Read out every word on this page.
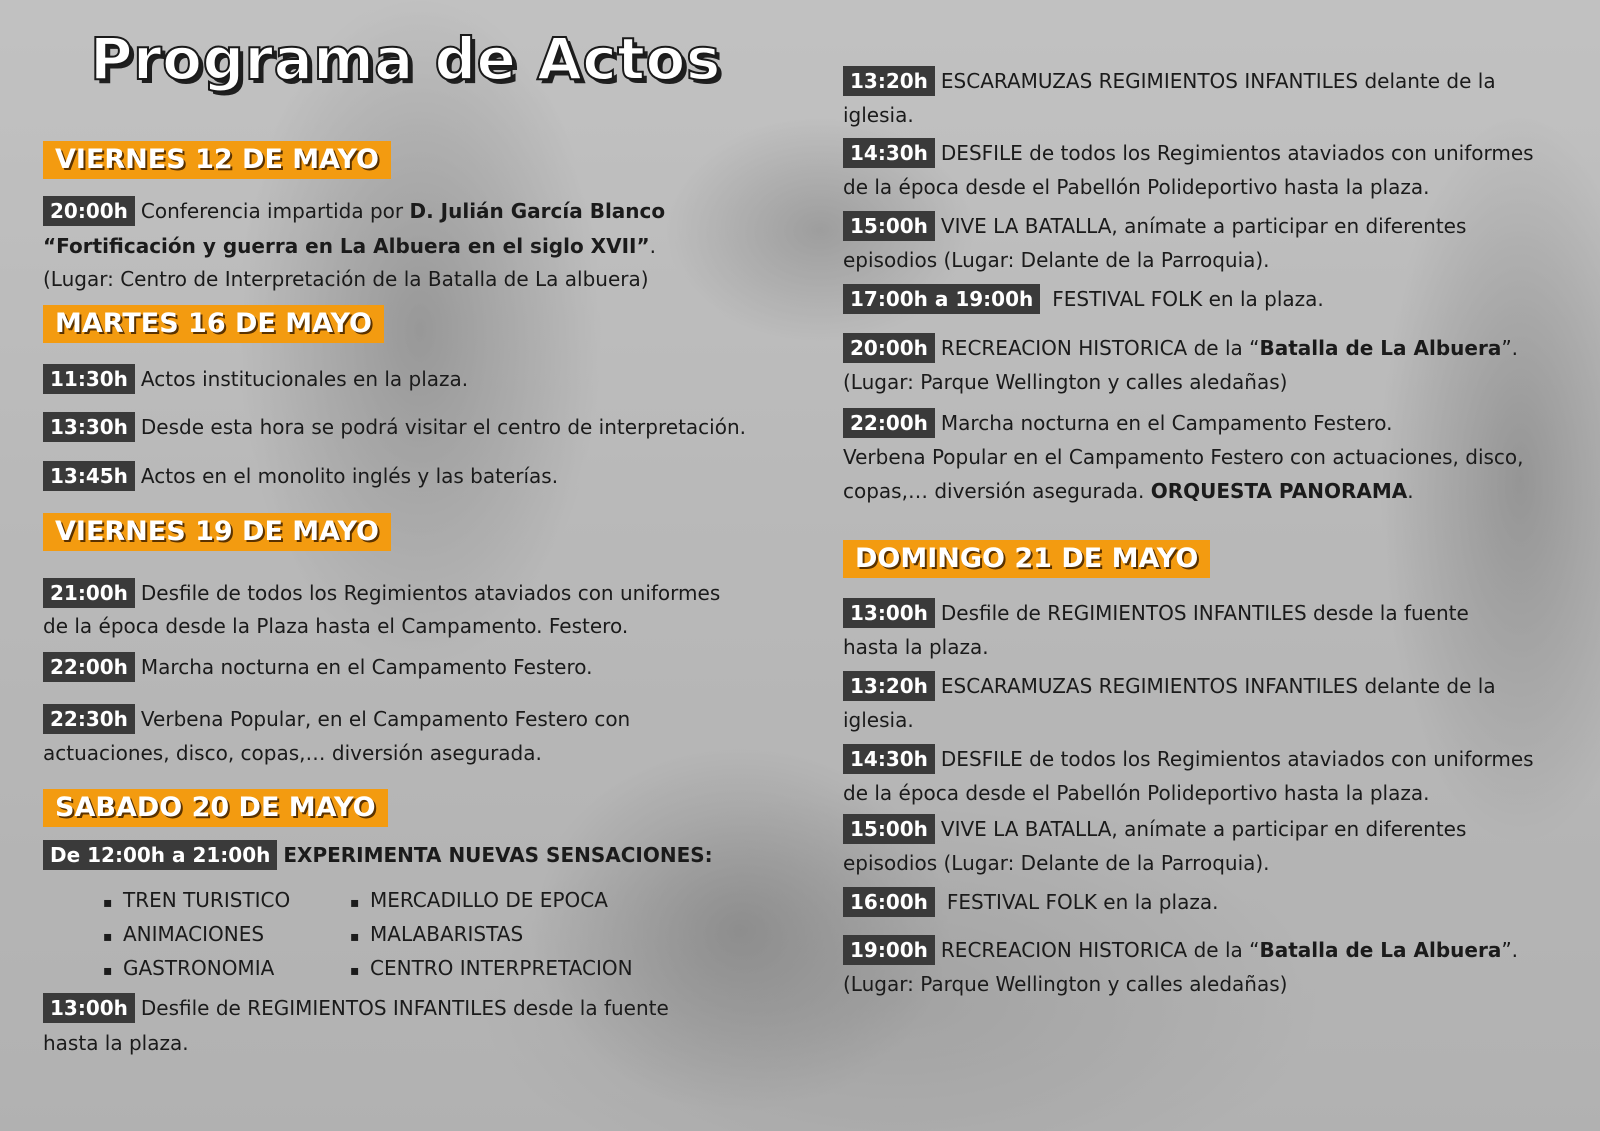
Programa de Actos
VIERNES 12 DE MAYO
20:00h Conferencia impartida por D. Julián García Blanco
“Fortificación y guerra en La Albuera en el siglo XVII”.
(Lugar: Centro de Interpretación de la Batalla de La albuera)
MARTES 16 DE MAYO
11:30h Actos institucionales en la plaza.
13:30h Desde esta hora se podrá visitar el centro de interpretación.
13:45h Actos en el monolito inglés y las baterías.
VIERNES 19 DE MAYO
21:00h Desfile de todos los Regimientos ataviados con uniformes
de la época desde la Plaza hasta el Campamento. Festero.
22:00h Marcha nocturna en el Campamento Festero.
22:30h Verbena Popular, en el Campamento Festero con
actuaciones, disco, copas,… diversión asegurada.
SABADO 20 DE MAYO
De 12:00h a 21:00h EXPERIMENTA NUEVAS SENSACIONES:
▪ TREN TURISTICO
▪ ANIMACIONES
▪ GASTRONOMIA
▪ MERCADILLO DE EPOCA
▪ MALABARISTAS
▪ CENTRO INTERPRETACION
13:00h Desfile de REGIMIENTOS INFANTILES desde la fuente
hasta la plaza.
13:20h ESCARAMUZAS REGIMIENTOS INFANTILES delante de la
iglesia.
14:30h DESFILE de todos los Regimientos ataviados con uniformes
de la época desde el Pabellón Polideportivo hasta la plaza.
15:00h VIVE LA BATALLA, anímate a participar en diferentes
episodios (Lugar: Delante de la Parroquia).
17:00h a 19:00h FESTIVAL FOLK en la plaza.
20:00h RECREACION HISTORICA de la “Batalla de La Albuera”.
(Lugar: Parque Wellington y calles aledañas)
22:00h Marcha nocturna en el Campamento Festero.
Verbena Popular en el Campamento Festero con actuaciones, disco,
copas,… diversión asegurada. ORQUESTA PANORAMA.
DOMINGO 21 DE MAYO
13:00h Desfile de REGIMIENTOS INFANTILES desde la fuente
hasta la plaza.
13:20h ESCARAMUZAS REGIMIENTOS INFANTILES delante de la
iglesia.
14:30h DESFILE de todos los Regimientos ataviados con uniformes
de la época desde el Pabellón Polideportivo hasta la plaza.
15:00h VIVE LA BATALLA, anímate a participar en diferentes
episodios (Lugar: Delante de la Parroquia).
16:00h FESTIVAL FOLK en la plaza.
19:00h RECREACION HISTORICA de la “Batalla de La Albuera”.
(Lugar: Parque Wellington y calles aledañas)
